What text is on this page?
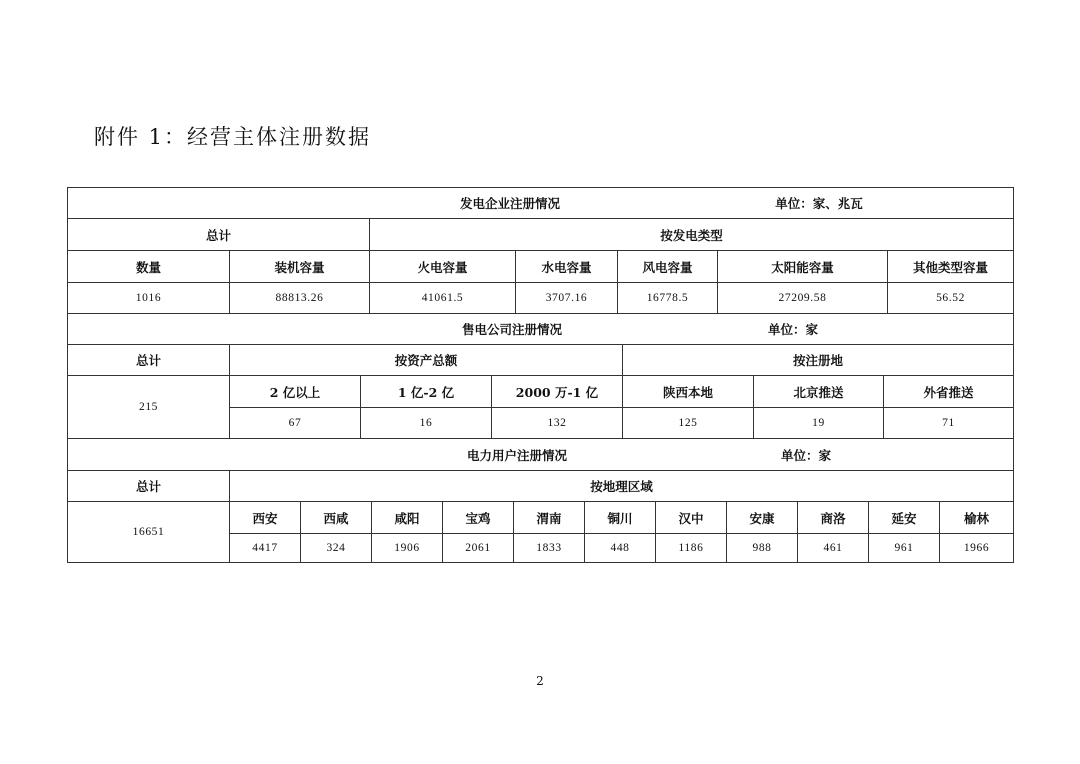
附件 1：经营主体注册数据
发电企业注册情况 单位：家、兆瓦						

总计		按发电类型				
数量	装机容量	火电容量	水电容量	风电容量	太阳能容量	其他类型容量
1016	88813.26	41061.5	3707.16	16778.5	27209.58	56.52
售电公司注册情况 单位：家						

总计	按资产总额			按注册地		
215	2 亿以上	1 亿-2 亿	2000 万-1 亿	陕西本地	北京推送	外省推送
	67	16	132	125	19	71
电力用户注册情况 单位：家											

总计	按地理区域										
16651	西安	西咸	咸阳	宝鸡	渭南	铜川	汉中	安康	商洛	延安	榆林
	4417	324	1906	2061	1833	448	1186	988	461	961	1966
2
